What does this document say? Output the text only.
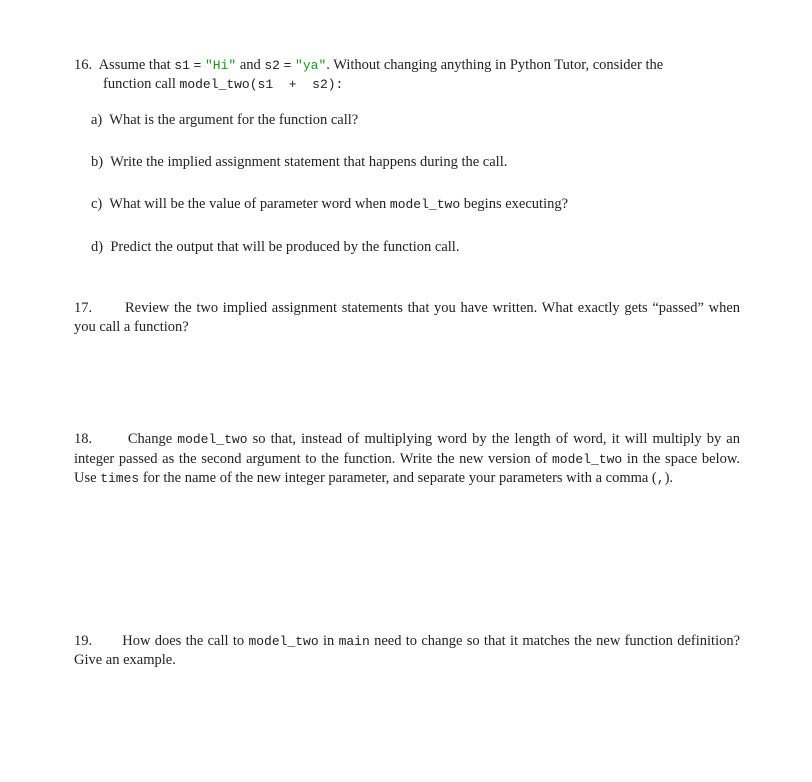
16. Assume that s1 = "Hi" and s2 = "ya". Without changing anything in Python Tutor, consider the
function call model_two(s1  +  s2):
a) What is the argument for the function call?
b) Write the implied assignment statement that happens during the call.
c) What will be the value of parameter word when model_two begins executing?
d) Predict the output that will be produced by the function call.
17. Review the two implied assignment statements that you have written. What exactly gets “passed” when you call a function?
18. Change model_two so that, instead of multiplying word by the length of word, it will multiply by an integer passed as the second argument to the function. Write the new version of model_two in the space below. Use times for the name of the new integer parameter, and separate your parameters with a comma (,).
19. How does the call to model_two in main need to change so that it matches the new function definition? Give an example.
